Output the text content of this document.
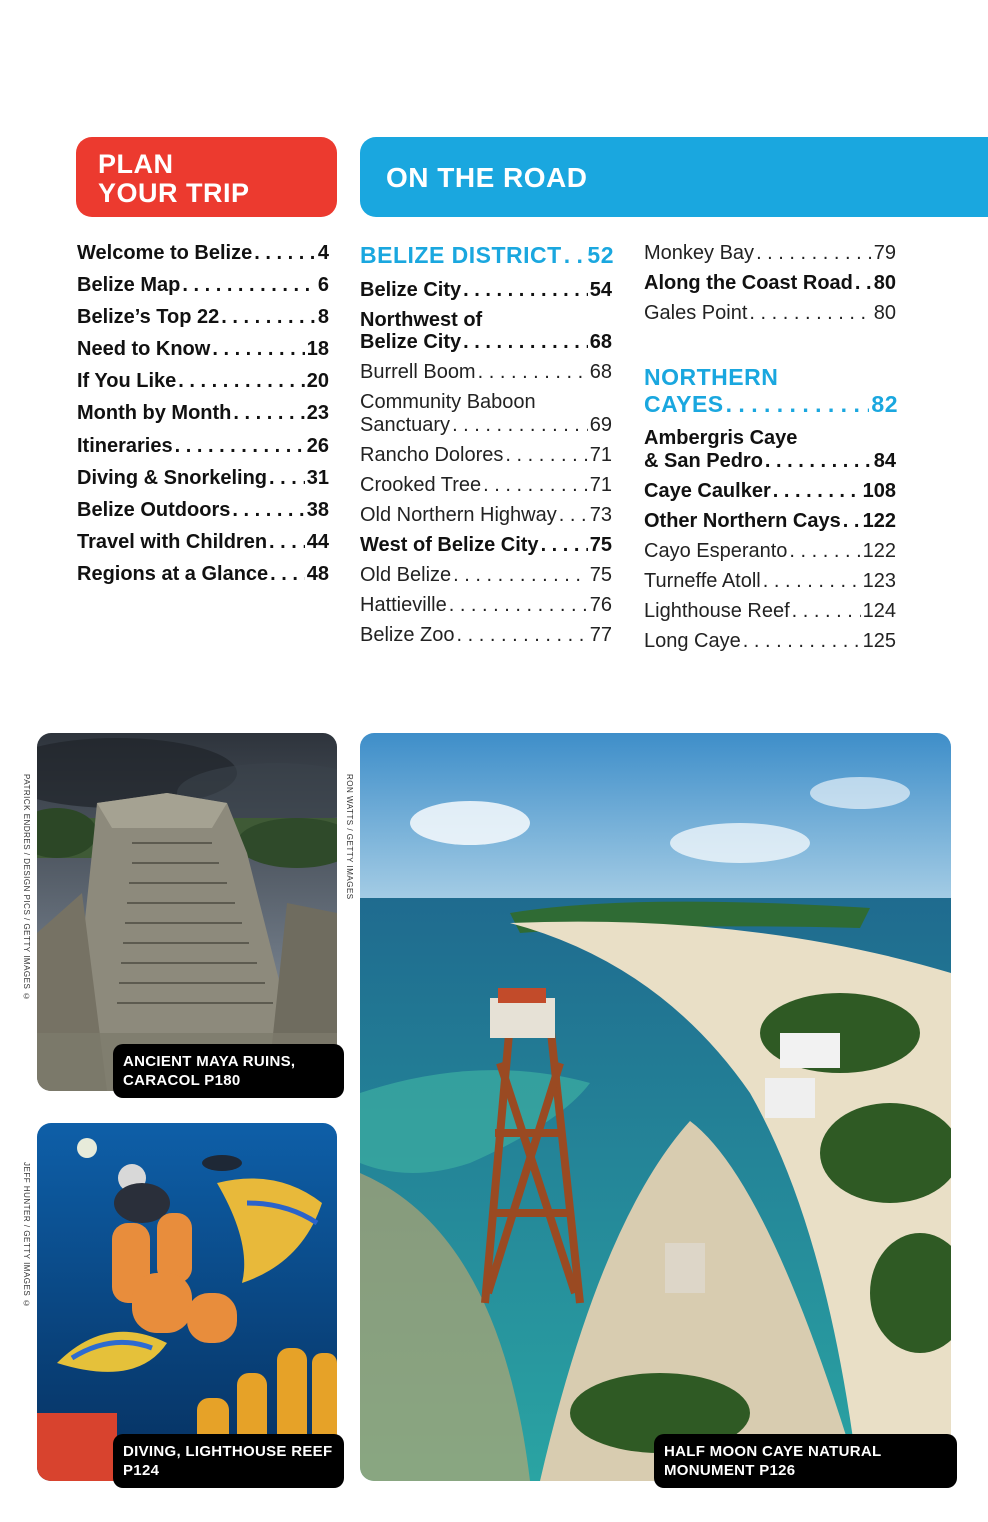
PLAN
YOUR TRIP	ON THE ROAD
Welcome to Belize . . .	4
Belize Map . . .	6
Belize’s Top 22 . . .	8
Need to Know . . .	18
If You Like . . .	20
Month by Month . . .	23
Itineraries . . .	26
Diving & Snorkeling . . . 31
Belize Outdoors . . .	38
Travel with Children . . . 44
Regions at a Glance . . . 48
BELIZE DISTRICT . . . 52
Belize City . . .	54
Northwest of
Belize City . . .	68
Burrell Boom . . .	68
Community Baboon
Sanctuary . . .	69
Rancho Dolores . . .	71
Crooked Tree . . .	71
Old Northern Highway . . . 73
West of Belize City . . .	75
Old Belize . . .	75
Hattieville . . .	76
Belize Zoo . . .	77
Monkey Bay . . .	79
Along the Coast Road . . . 80
Gales Point . . .	80
NORTHERN
CAYES . . .	82
Ambergris Caye
& San Pedro . . .	84
Caye Caulker . . .	108
Other Northern Cays . . . 122
Cayo Esperanto . . .	122
Turneffe Atoll . . .	123
Lighthouse Reef . . .	124
Long Caye . . .	125
PATRICK ENDRES / DESIGN PICS / GETTY IMAGES ©
JEFF HUNTER / GETTY IMAGES ©
RON WATTS / GETTY IMAGES
ANCIENT MAYA RUINS,
CARACOL P180
DIVING, LIGHTHOUSE REEF
P124
HALF MOON CAYE NATURAL
MONUMENT P126
